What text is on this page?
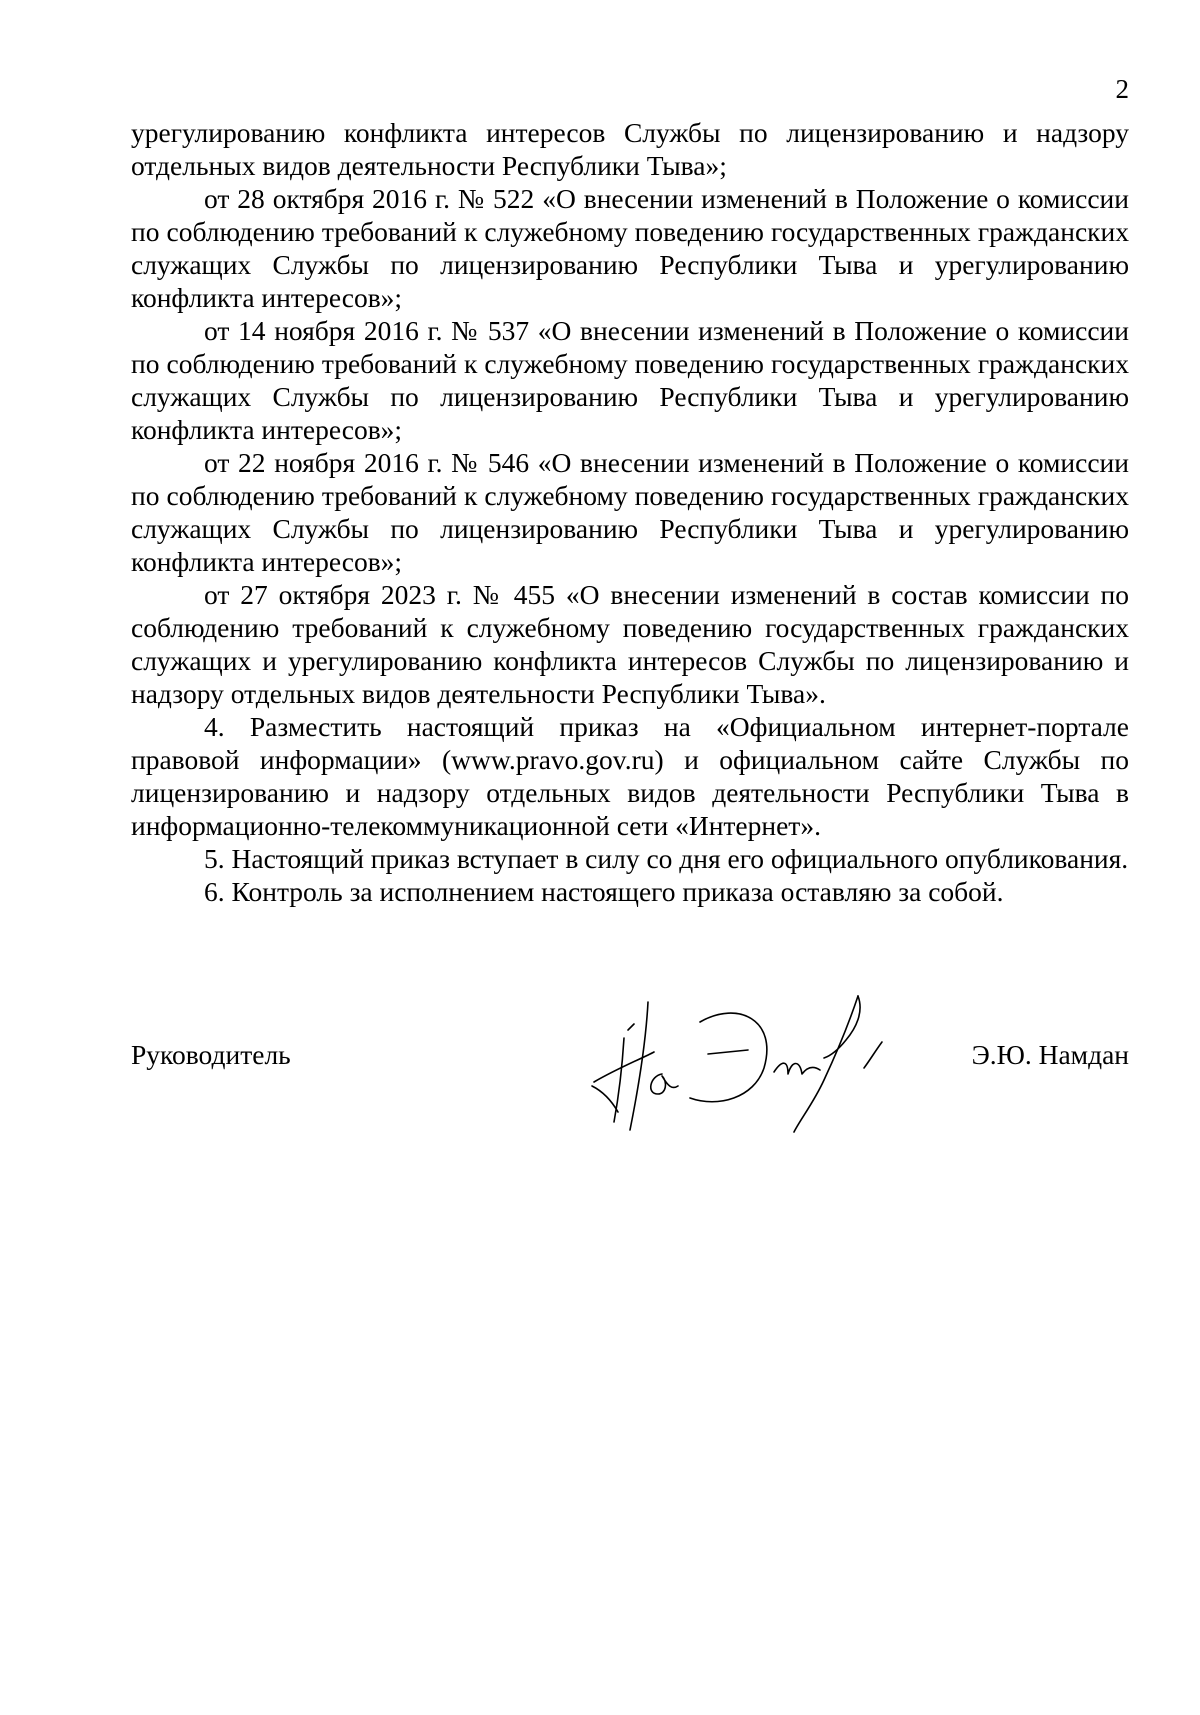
2

урегулированию конфликта интересов Службы по лицензированию и надзору отдельных видов деятельности Республики Тыва»;

от 28 октября 2016 г. № 522 «О внесении изменений в Положение о комиссии по соблюдению требований к служебному поведению государственных гражданских служащих Службы по лицензированию Республики Тыва и урегулированию конфликта интересов»;

от 14 ноября 2016 г. № 537 «О внесении изменений в Положение о комиссии по соблюдению требований к служебному поведению государственных гражданских служащих Службы по лицензированию Республики Тыва и урегулированию конфликта интересов»;

от 22 ноября 2016 г. № 546 «О внесении изменений в Положение о комиссии по соблюдению требований к служебному поведению государственных гражданских служащих Службы по лицензированию Республики Тыва и урегулированию конфликта интересов»;

от 27 октября 2023 г. № 455 «О внесении изменений в состав комиссии по соблюдению требований к служебному поведению государственных гражданских служащих и урегулированию конфликта интересов Службы по лицензированию и надзору отдельных видов деятельности Республики Тыва».

4. Разместить настоящий приказ на «Официальном интернет-портале правовой информации» (www.pravo.gov.ru) и официальном сайте Службы по лицензированию и надзору отдельных видов деятельности Республики Тыва в информационно-телекоммуникационной сети «Интернет».

5. Настоящий приказ вступает в силу со дня его официального опубликования.

6. Контроль за исполнением настоящего приказа оставляю за собой.

Руководитель	Э.Ю. Намдан
